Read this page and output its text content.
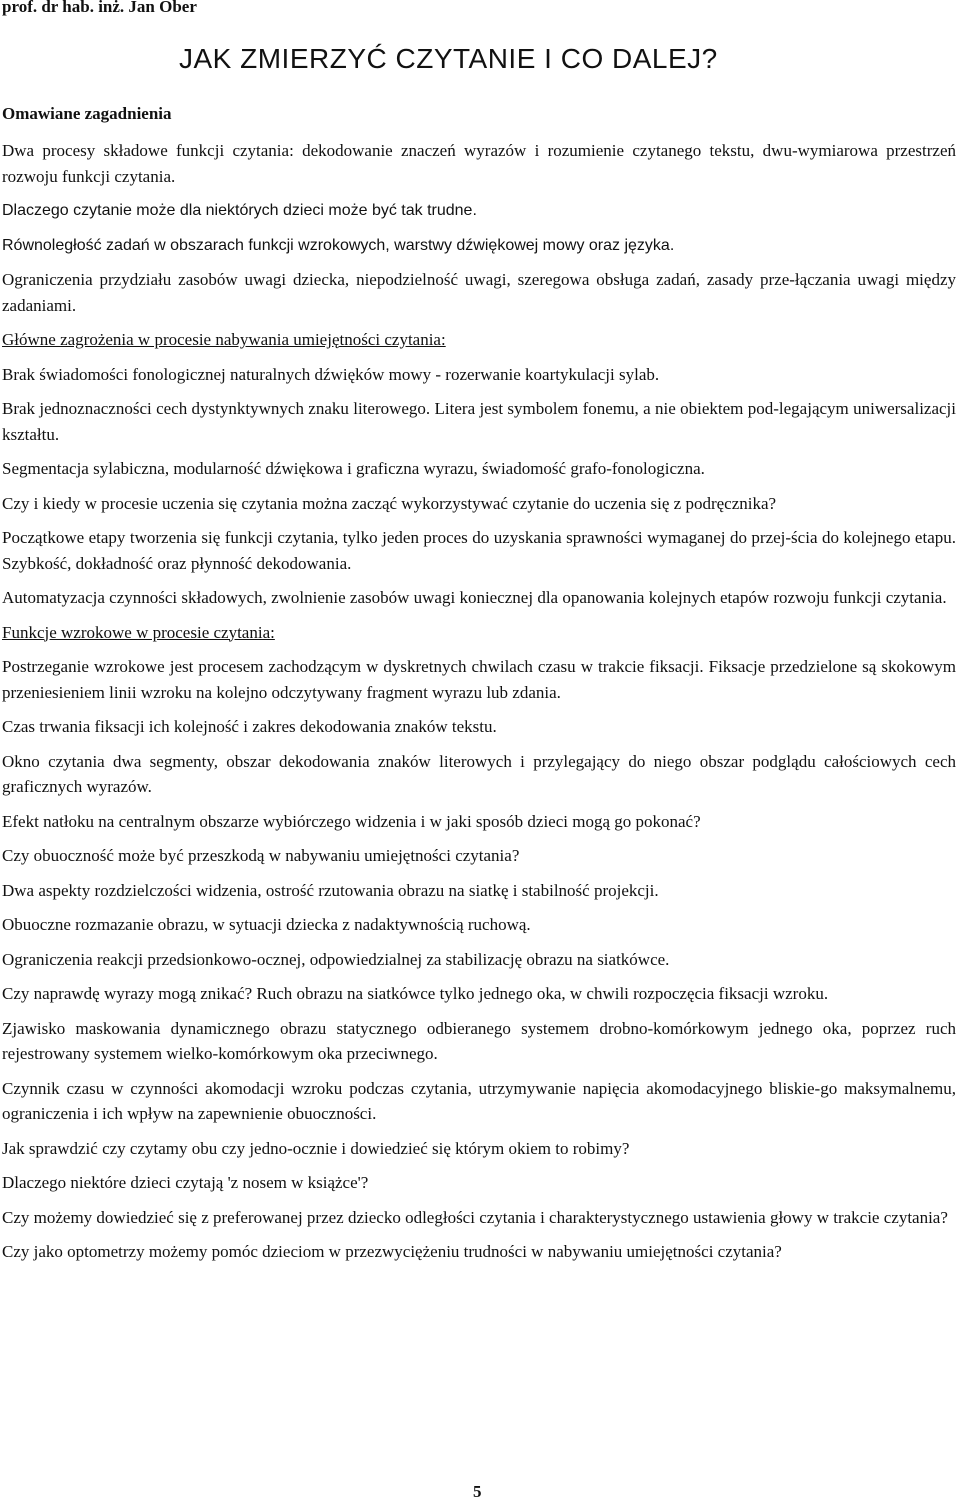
prof. dr hab. inż. Jan Ober
JAK ZMIERZYĆ CZYTANIE I CO DALEJ?
Omawiane zagadnienia

Dwa procesy składowe funkcji czytania: dekodowanie znaczeń wyrazów i rozumienie czytanego tekstu, dwu-wymiarowa przestrzeń rozwoju funkcji czytania.

Dlaczego czytanie może dla niektórych dzieci może być tak trudne.

Równoległość zadań w obszarach funkcji wzrokowych, warstwy dźwiękowej mowy oraz języka.

Ograniczenia przydziału zasobów uwagi dziecka, niepodzielność uwagi, szeregowa obsługa zadań, zasady prze-łączania uwagi między zadaniami.

Główne zagrożenia w procesie nabywania umiejętności czytania:

Brak świadomości fonologicznej naturalnych dźwięków mowy - rozerwanie koartykulacji sylab.

Brak jednoznaczności cech dystynktywnych znaku literowego. Litera jest symbolem fonemu, a nie obiektem pod-legającym uniwersalizacji kształtu.

Segmentacja sylabiczna, modularność dźwiękowa i graficzna wyrazu, świadomość grafo-fonologiczna.

Czy i kiedy w procesie uczenia się czytania można zacząć wykorzystywać czytanie do uczenia się z podręcznika?

Początkowe etapy tworzenia się funkcji czytania, tylko jeden proces do uzyskania sprawności wymaganej do przej-ścia do kolejnego etapu. Szybkość, dokładność oraz płynność dekodowania.

Automatyzacja czynności składowych, zwolnienie zasobów uwagi koniecznej dla opanowania kolejnych etapów rozwoju funkcji czytania.

Funkcje wzrokowe w procesie czytania:

Postrzeganie wzrokowe jest procesem zachodzącym w dyskretnych chwilach czasu w trakcie fiksacji. Fiksacje przedzielone są skokowym przeniesieniem linii wzroku na kolejno odczytywany fragment wyrazu lub zdania.

Czas trwania fiksacji ich kolejność i zakres dekodowania znaków tekstu.

Okno czytania dwa segmenty, obszar dekodowania znaków literowych i przylegający do niego obszar podglądu całościowych cech graficznych wyrazów.

Efekt natłoku na centralnym obszarze wybiórczego widzenia i w jaki sposób dzieci mogą go pokonać?

Czy obuoczność może być przeszkodą w nabywaniu umiejętności czytania?

Dwa aspekty rozdzielczości widzenia, ostrość rzutowania obrazu na siatkę i stabilność projekcji.

Obuoczne rozmazanie obrazu, w sytuacji dziecka z nadaktywnością ruchową.

Ograniczenia reakcji przedsionkowo-ocznej, odpowiedzialnej za stabilizację obrazu na siatkówce.

Czy naprawdę wyrazy mogą znikać? Ruch obrazu na siatkówce tylko jednego oka, w chwili rozpoczęcia fiksacji wzroku.

Zjawisko maskowania dynamicznego obrazu statycznego odbieranego systemem drobno-komórkowym jednego oka, poprzez ruch rejestrowany systemem wielko-komórkowym oka przeciwnego.

Czynnik czasu w czynności akomodacji wzroku podczas czytania, utrzymywanie napięcia akomodacyjnego bliskie-go maksymalnemu, ograniczenia i ich wpływ na zapewnienie obuoczności.

Jak sprawdzić czy czytamy obu czy jedno-ocznie i dowiedzieć się którym okiem to robimy?

Dlaczego niektóre dzieci czytają 'z nosem w książce'?

Czy możemy dowiedzieć się z preferowanej przez dziecko odległości czytania i charakterystycznego ustawienia głowy w trakcie czytania?

Czy jako optometrzy możemy pomóc dzieciom w przezwyciężeniu trudności w nabywaniu umiejętności czytania?

5
